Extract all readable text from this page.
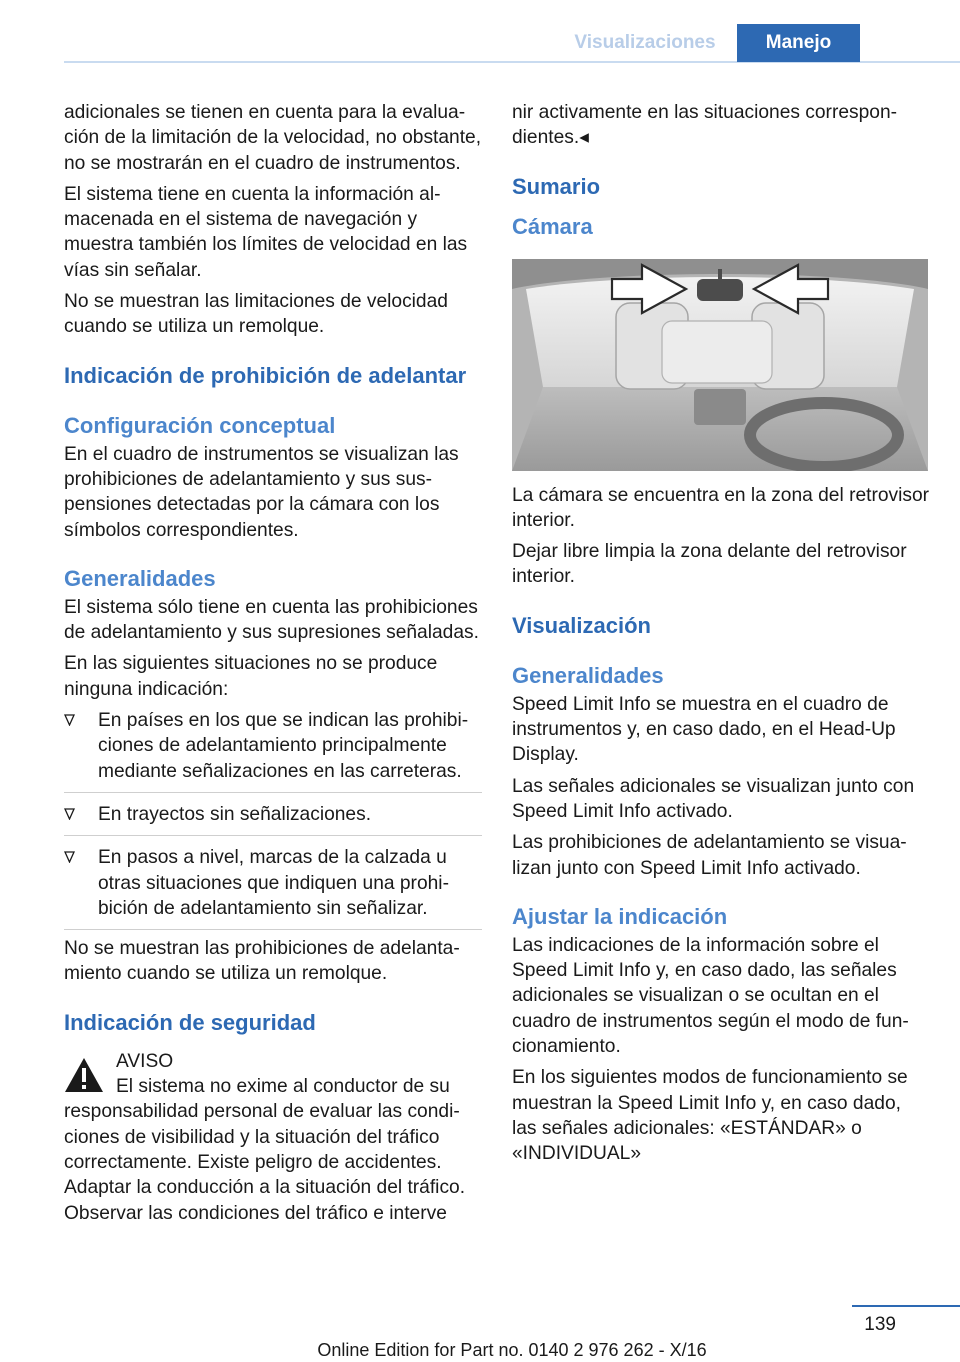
Visualizaciones	Manejo

adicionales se tienen en cuenta para la evaluación de la limitación de la velocidad, no obstante, no se mostrarán en el cuadro de instrumentos.

El sistema tiene en cuenta la información almacenada en el sistema de navegación y muestra también los límites de velocidad en las vías sin señalar.

No se muestran las limitaciones de velocidad cuando se utiliza un remolque.

Indicación de prohibición de adelantar
Configuración conceptual

En el cuadro de instrumentos se visualizan las prohibiciones de adelantamiento y sus suspensiones detectadas por la cámara con los símbolos correspondientes.

Generalidades

El sistema sólo tiene en cuenta las prohibiciones de adelantamiento y sus supresiones señaladas.

En las siguientes situaciones no se produce ninguna indicación:

En países en los que se indican las prohibiciones de adelantamiento principalmente mediante señalizaciones en las carreteras.
En trayectos sin señalizaciones.
En pasos a nivel, marcas de la calzada u otras situaciones que indiquen una prohibición de adelantamiento sin señalizar.

No se muestran las prohibiciones de adelantamiento cuando se utiliza un remolque.

Indicación de seguridad
AVISO
El sistema no exime al conductor de su
responsabilidad personal de evaluar las condiciones de visibilidad y la situación del tráfico correctamente. Existe peligro de accidentes. Adaptar la conducción a la situación del tráfico. Observar las condiciones del tráfico e interve

nir activamente en las situaciones correspondientes.◂

Sumario
Cámara

La cámara se encuentra en la zona del retrovisor interior.

Dejar libre limpia la zona delante del retrovisor interior.

Visualización
Generalidades

Speed Limit Info se muestra en el cuadro de instrumentos y, en caso dado, en el Head-Up Display.

Las señales adicionales se visualizan junto con Speed Limit Info activado.

Las prohibiciones de adelantamiento se visualizan junto con Speed Limit Info activado.

Ajustar la indicación

Las indicaciones de la información sobre el Speed Limit Info y, en caso dado, las señales adicionales se visualizan o se ocultan en el cuadro de instrumentos según el modo de funcionamiento.

En los siguientes modos de funcionamiento se muestran la Speed Limit Info y, en caso dado, las señales adicionales: «ESTÁNDAR» o «INDIVIDUAL»

139
Online Edition for Part no. 0140 2 976 262 - X/16
